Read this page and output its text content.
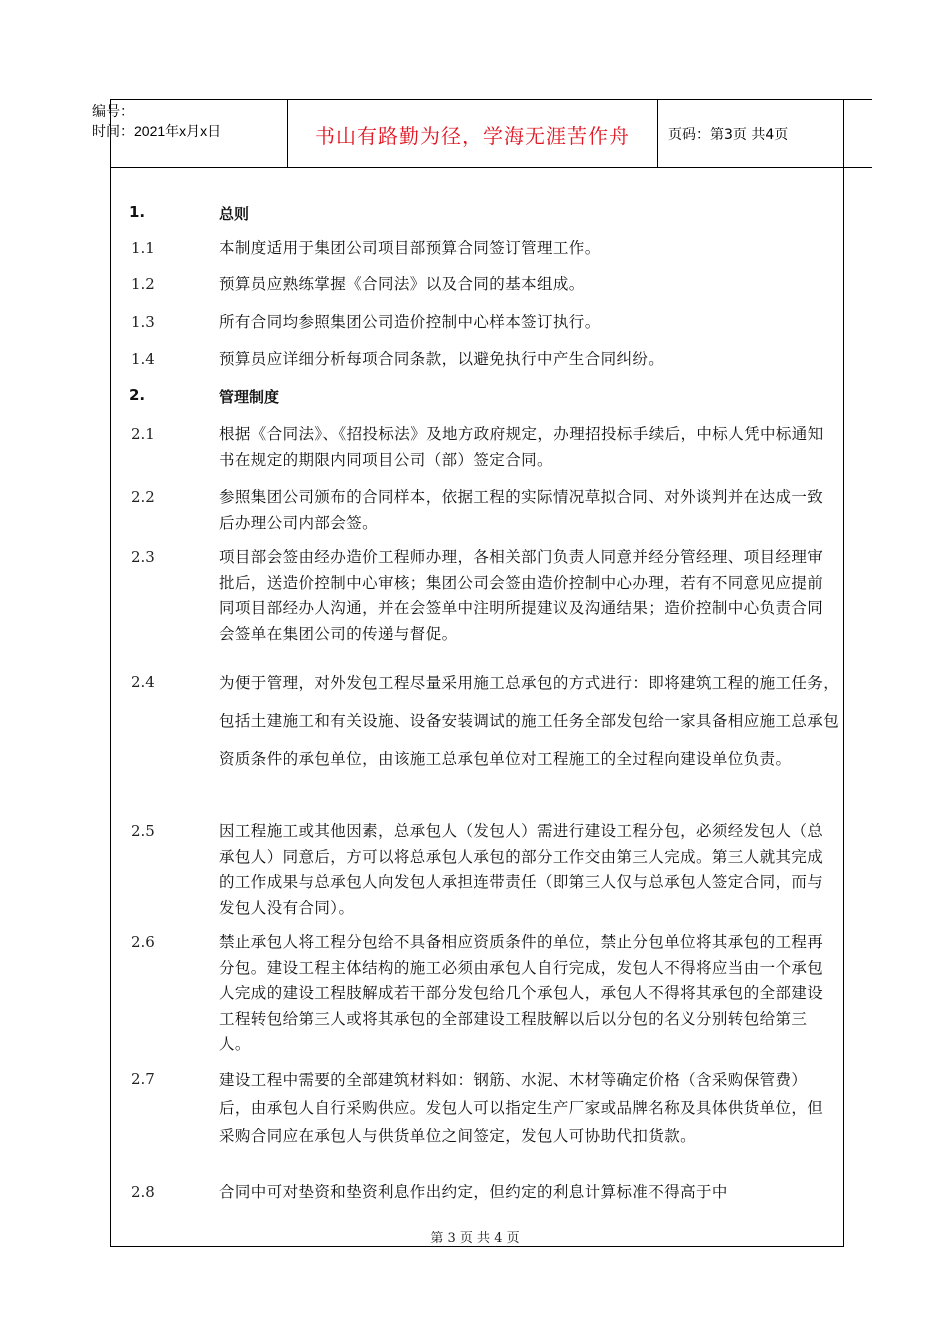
编号：
时间：2021年x月x日	书山有路勤为径，学海无涯苦作舟	页码：第3页 共4页
1.	总则
1.1	本制度适用于集团公司项目部预算合同签订管理工作。
1.2	预算员应熟练掌握《合同法》以及合同的基本组成。
1.3	所有合同均参照集团公司造价控制中心样本签订执行。
1.4	预算员应详细分析每项合同条款，以避免执行中产生合同纠纷。
2.	管理制度
2.1	根据《合同法》、《招投标法》及地方政府规定，办理招投标手续后，中标人凭中标通知书在规定的期限内同项目公司（部）签定合同。
2.2	参照集团公司颁布的合同样本，依据工程的实际情况草拟合同、对外谈判并在达成一致后办理公司内部会签。
2.3	项目部会签由经办造价工程师办理，各相关部门负责人同意并经分管经理、项目经理审批后，送造价控制中心审核；集团公司会签由造价控制中心办理，若有不同意见应提前同项目部经办人沟通，并在会签单中注明所提建议及沟通结果；造价控制中心负责合同会签单在集团公司的传递与督促。
2.4	为便于管理，对外发包工程尽量采用施工总承包的方式进行：即将建筑工程的施工任务，包括土建施工和有关设施、设备安装调试的施工任务全部发包给一家具备相应施工总承包资质条件的承包单位，由该施工总承包单位对工程施工的全过程向建设单位负责。
2.5	因工程施工或其他因素，总承包人（发包人）需进行建设工程分包，必须经发包人（总承包人）同意后，方可以将总承包人承包的部分工作交由第三人完成。第三人就其完成的工作成果与总承包人向发包人承担连带责任（即第三人仅与总承包人签定合同，而与发包人没有合同）。
2.6	禁止承包人将工程分包给不具备相应资质条件的单位，禁止分包单位将其承包的工程再分包。建设工程主体结构的施工必须由承包人自行完成，发包人不得将应当由一个承包人完成的建设工程肢解成若干部分发包给几个承包人，承包人不得将其承包的全部建设工程转包给第三人或将其承包的全部建设工程肢解以后以分包的名义分别转包给第三人。
2.7	建设工程中需要的全部建筑材料如：钢筋、水泥、木材等确定价格（含采购保管费）后，由承包人自行采购供应。发包人可以指定生产厂家或品牌名称及具体供货单位，但采购合同应在承包人与供货单位之间签定，发包人可协助代扣货款。
2.8	合同中可对垫资和垫资利息作出约定，但约定的利息计算标准不得高于中
第 3 页 共 4 页
